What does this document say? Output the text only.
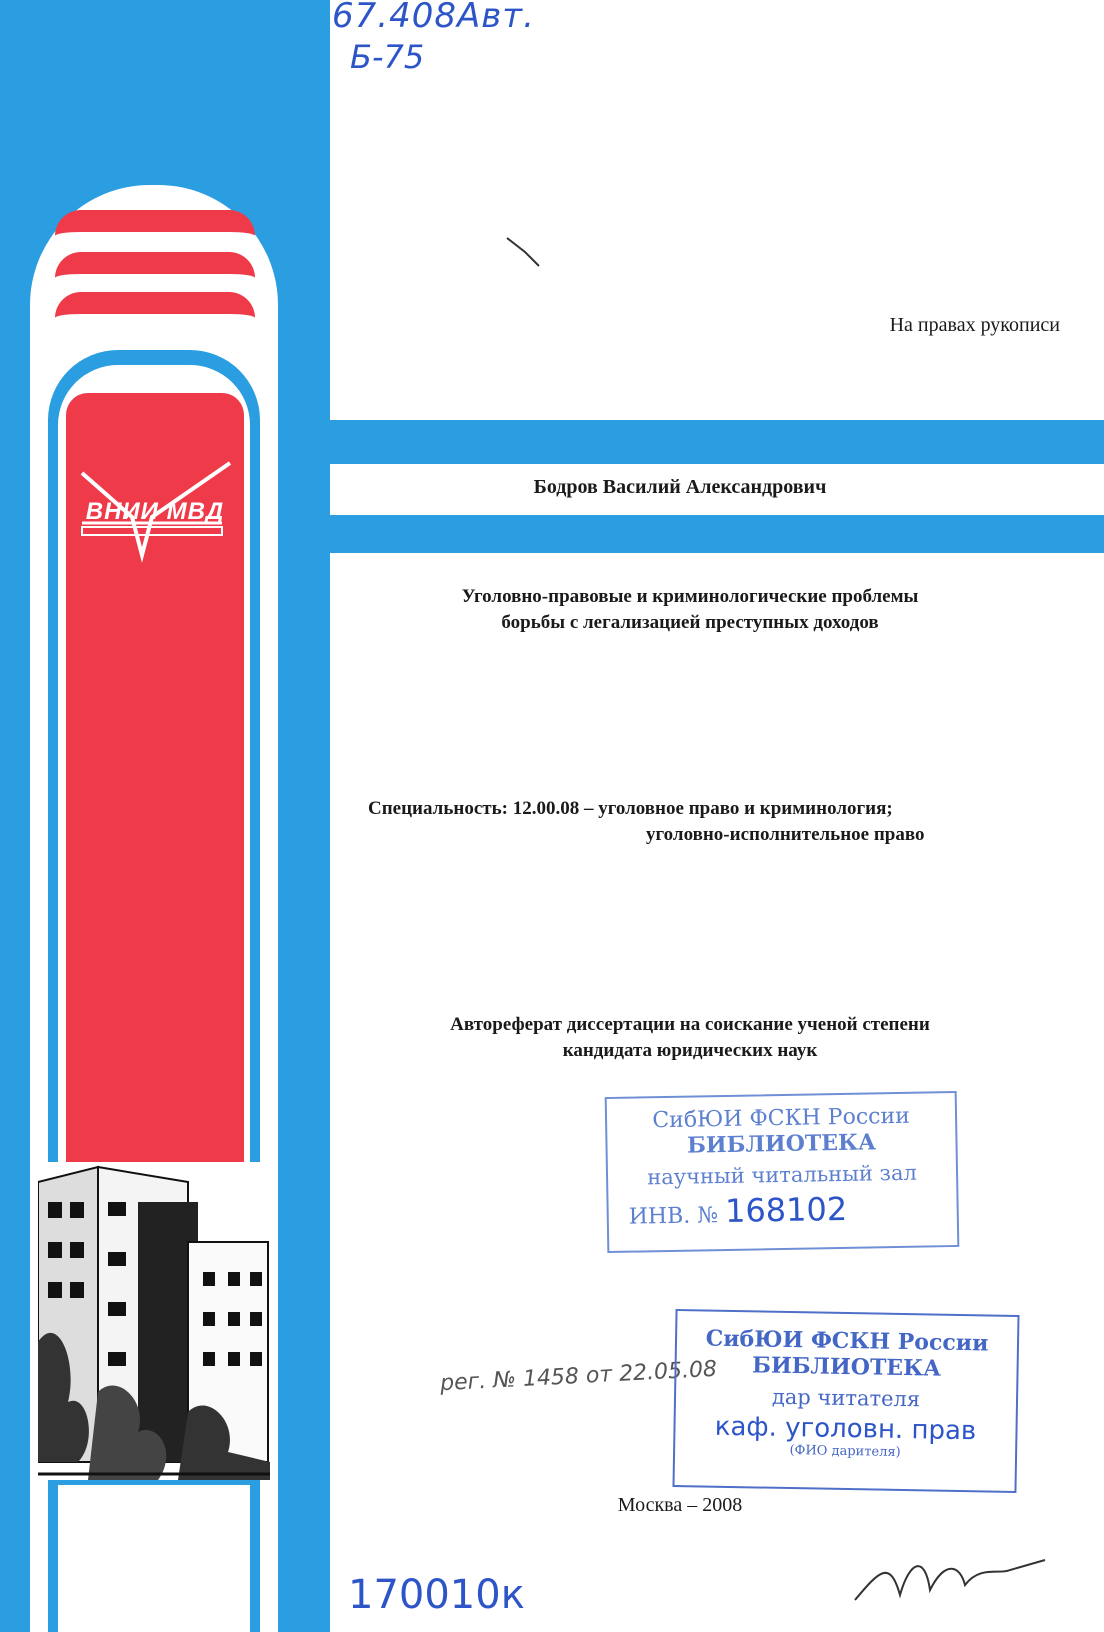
ВНИИ МВД
67.408Авт.
Б-75
На правах рукописи
Бодров Василий Александрович
Уголовно-правовые и криминологические проблемы
борьбы с легализацией преступных доходов
Специальность: 12.00.08 – уголовное право и криминология;
уголовно-исполнительное право
Автореферат диссертации на соискание ученой степени
кандидата юридических наук
СибЮИ ФСКН России
БИБЛИОТЕКА
научный читальный зал
ИНВ. № 168102
рег. № 1458 от 22.05.08
СибЮИ ФСКН России
БИБЛИОТЕКА
дар читателя
каф. уголовн. прав
(ФИО дарителя)
Москва – 2008
170010к
